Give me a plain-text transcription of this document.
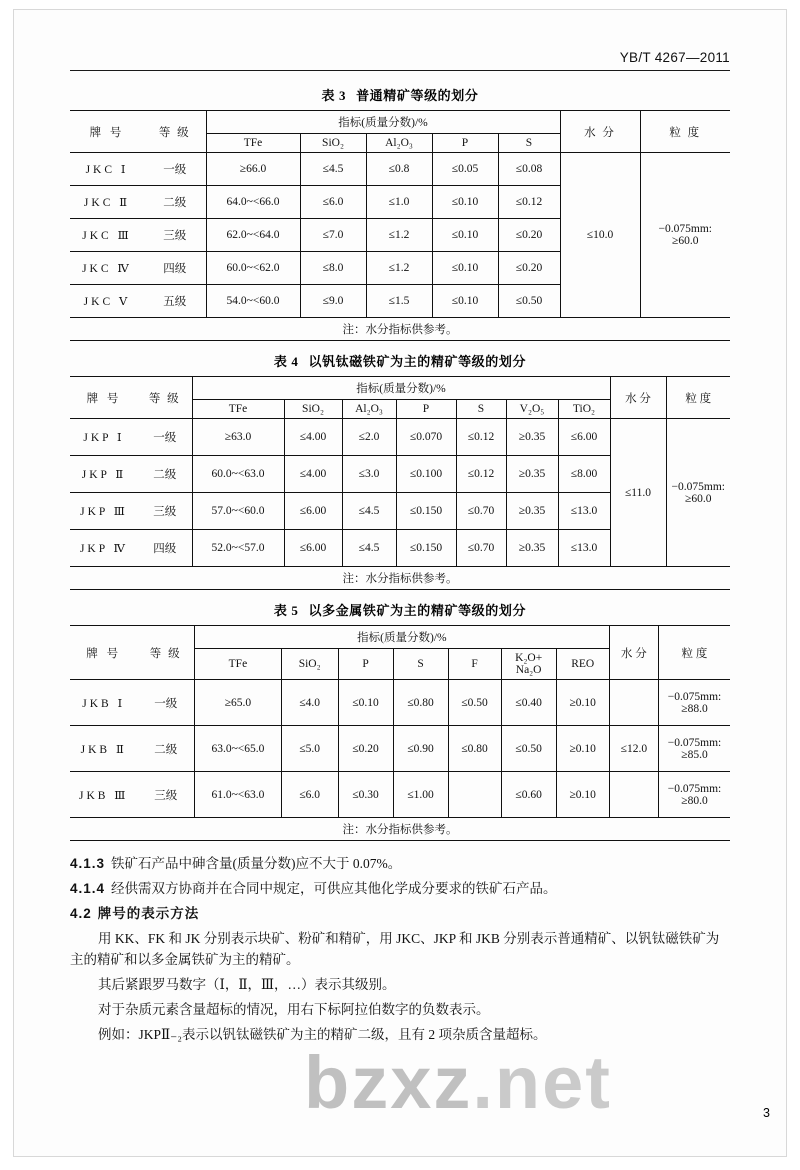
YB/T 4267—2011
表 3 普通精矿等级的划分
牌 号	等 级	指标(质量分数)/%					水 分	粒 度
		TFe	SiO₂	Al₂O₃	P	S		
JKC Ⅰ	一级	≥66.0	≤4.5	≤0.8	≤0.05	≤0.08	≤10.0	−0.075mm:
≥60.0

JKC Ⅱ	二级	64.0~<66.0	≤6.0	≤1.0	≤0.10	≤0.12		
JKC Ⅲ	三级	62.0~<64.0	≤7.0	≤1.2	≤0.10	≤0.20		
JKC Ⅳ	四级	60.0~<62.0	≤8.0	≤1.2	≤0.10	≤0.20		
JKC Ⅴ	五级	54.0~<60.0	≤9.0	≤1.5	≤0.10	≤0.50		
注：水分指标供参考。								
表 4 以钒钛磁铁矿为主的精矿等级的划分
牌 号	等 级	指标(质量分数)/%							水 分	粒 度
		TFe	SiO₂	Al₂O₃	P	S	V₂O₅	TiO₂		
JKP Ⅰ	一级	≥63.0	≤4.00	≤2.0	≤0.070	≤0.12	≥0.35	≤6.00	≤11.0	−0.075mm:
≥60.0

JKP Ⅱ	二级	60.0~<63.0	≤4.00	≤3.0	≤0.100	≤0.12	≥0.35	≤8.00		
JKP Ⅲ	三级	57.0~<60.0	≤6.00	≤4.5	≤0.150	≤0.70	≥0.35	≤13.0		
JKP Ⅳ	四级	52.0~<57.0	≤6.00	≤4.5	≤0.150	≤0.70	≥0.35	≤13.0		
注：水分指标供参考。										
表 5 以多金属铁矿为主的精矿等级的划分
牌 号	等 级	指标(质量分数)/%							水 分	粒 度
		TFe	SiO₂	P	S	F	K₂O+
Na₂O	REO		
JKB Ⅰ	一级	≥65.0	≤4.0	≤0.10	≤0.80	≤0.50	≤0.40	≥0.10		−0.075mm:
≥88.0

JKB Ⅱ	二级	63.0~<65.0	≤5.0	≤0.20	≤0.90	≤0.80	≤0.50	≥0.10	≤12.0	−0.075mm:
≥85.0

JKB Ⅲ	三级	61.0~<63.0	≤6.0	≤0.30	≤1.00		≤0.60	≥0.10		−0.075mm:
≥80.0

注：水分指标供参考。										

4.1.3 铁矿石产品中砷含量(质量分数)应不大于 0.07%。

4.1.4 经供需双方协商并在合同中规定，可供应其他化学成分要求的铁矿石产品。

4.2 牌号的表示方法

用 KK、FK 和 JK 分别表示块矿、粉矿和精矿，用 JKC、JKP 和 JKB 分别表示普通精矿、以钒钛磁铁矿为主的精矿和以多金属铁矿为主的精矿。

其后紧跟罗马数字（Ⅰ，Ⅱ，Ⅲ，…）表示其级别。

对于杂质元素含量超标的情况，用右下标阿拉伯数字的负数表示。

例如：JKPⅡ₋₂表示以钒钛磁铁矿为主的精矿二级，且有 2 项杂质含量超标。

bzxz.net	3
